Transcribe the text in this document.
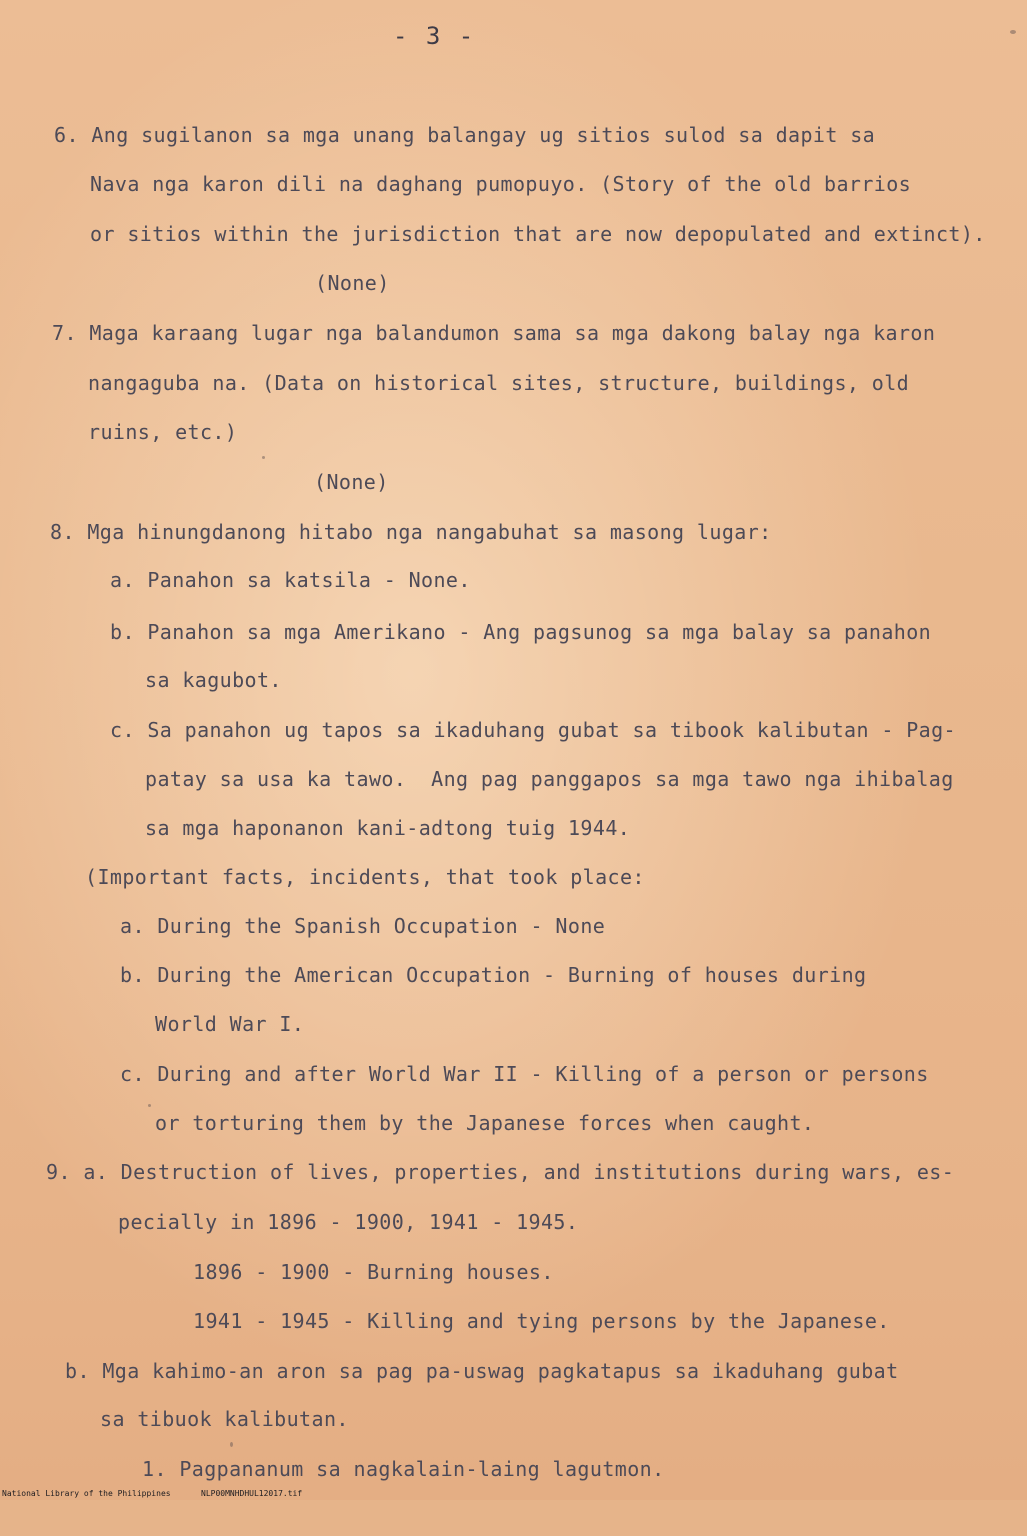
- 3 -
6. Ang sugilanon sa mga unang balangay ug sitios sulod sa dapit sa
Nava nga karon dili na daghang pumopuyo. (Story of the old barrios
or sitios within the jurisdiction that are now depopulated and extinct).
(None)
7. Maga karaang lugar nga balandumon sama sa mga dakong balay nga karon
nangaguba na. (Data on historical sites, structure, buildings, old
ruins, etc.)
(None)
8. Mga hinungdanong hitabo nga nangabuhat sa masong lugar:
a. Panahon sa katsila - None.
b. Panahon sa mga Amerikano - Ang pagsunog sa mga balay sa panahon
sa kagubot.
c. Sa panahon ug tapos sa ikaduhang gubat sa tibook kalibutan - Pag-
patay sa usa ka tawo.  Ang pag panggapos sa mga tawo nga ihibalag
sa mga haponanon kani-adtong tuig 1944.
(Important facts, incidents, that took place:
a. During the Spanish Occupation - None
b. During the American Occupation - Burning of houses during
World War I.
c. During and after World War II - Killing of a person or persons
or torturing them by the Japanese forces when caught.
9. a. Destruction of lives, properties, and institutions during wars, es-
pecially in 1896 - 1900, 1941 - 1945.
1896 - 1900 - Burning houses.
1941 - 1945 - Killing and tying persons by the Japanese.
b. Mga kahimo-an aron sa pag pa-uswag pagkatapus sa ikaduhang gubat
sa tibuok kalibutan.
1. Pagpananum sa nagkalain-laing lagutmon.

National Library of the Philippines

	NLP00MNHDHUL12017.tif
